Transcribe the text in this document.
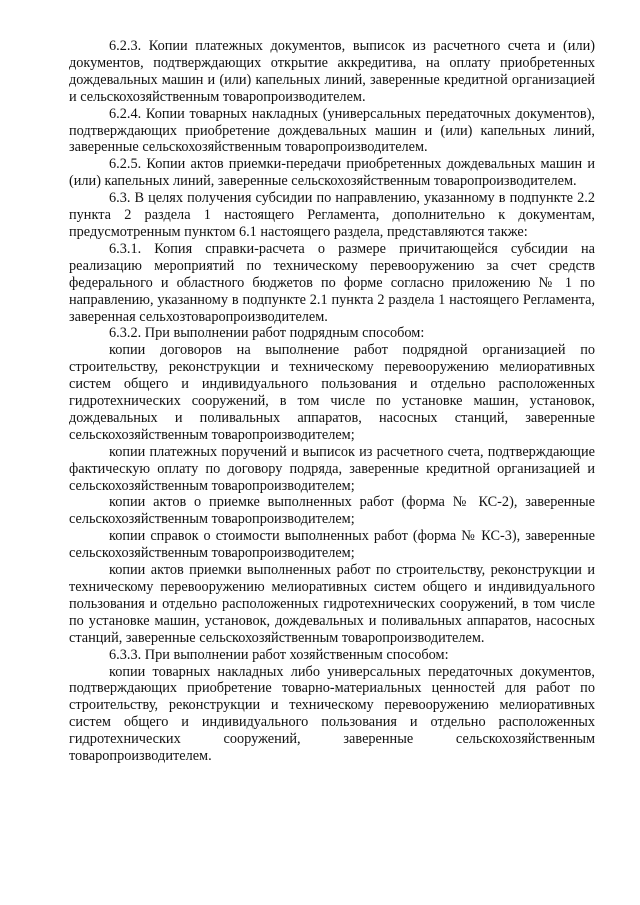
6.2.3. Копии платежных документов, выписок из расчетного счета и (или) документов, подтверждающих открытие аккредитива, на оплату приобретенных дождевальных машин и (или) капельных линий, заверенные кредитной организацией и сельскохозяйственным товаропроизводителем.

6.2.4. Копии товарных накладных (универсальных передаточных документов), подтверждающих приобретение дождевальных машин и (или) капельных линий, заверенные сельскохозяйственным товаропроизводителем.

6.2.5. Копии актов приемки-передачи приобретенных дождевальных машин и (или) капельных линий, заверенные сельскохозяйственным товаропроизводителем.

6.3. В целях получения субсидии по направлению, указанному в подпункте 2.2 пункта 2 раздела 1 настоящего Регламента, дополнительно к документам, предусмотренным пунктом 6.1 настоящего раздела, представляются также:

6.3.1. Копия справки-расчета о размере причитающейся субсидии на реализацию мероприятий по техническому перевооружению за счет средств федерального и областного бюджетов по форме согласно приложению № 1 по направлению, указанному в подпункте 2.1 пункта 2 раздела 1 настоящего Регламента, заверенная сельхозтоваропроизводителем.

6.3.2. При выполнении работ подрядным способом:

копии договоров на выполнение работ подрядной организацией по строительству, реконструкции и техническому перевооружению мелиоративных систем общего и индивидуального пользования и отдельно расположенных гидротехнических сооружений, в том числе по установке машин, установок, дождевальных и поливальных аппаратов, насосных станций, заверенные сельскохозяйственным товаропроизводителем;

копии платежных поручений и выписок из расчетного счета, подтверждающие фактическую оплату по договору подряда, заверенные кредитной организацией и сельскохозяйственным товаропроизводителем;

копии актов о приемке выполненных работ (форма № КС-2), заверенные сельскохозяйственным товаропроизводителем;

копии справок о стоимости выполненных работ (форма № КС-3), заверенные сельскохозяйственным товаропроизводителем;

копии актов приемки выполненных работ по строительству, реконструкции и техническому перевооружению мелиоративных систем общего и индивидуального пользования и отдельно расположенных гидротехнических сооружений, в том числе по установке машин, установок, дождевальных и поливальных аппаратов, насосных станций, заверенные сельскохозяйственным товаропроизводителем.

6.3.3. При выполнении работ хозяйственным способом:

копии товарных накладных либо универсальных передаточных документов, подтверждающих приобретение товарно-материальных ценностей для работ по строительству, реконструкции и техническому перевооружению мелиоративных систем общего и индивидуального пользования и отдельно расположенных гидротехнических сооружений, заверенные сельскохозяйственным товаропроизводителем.
